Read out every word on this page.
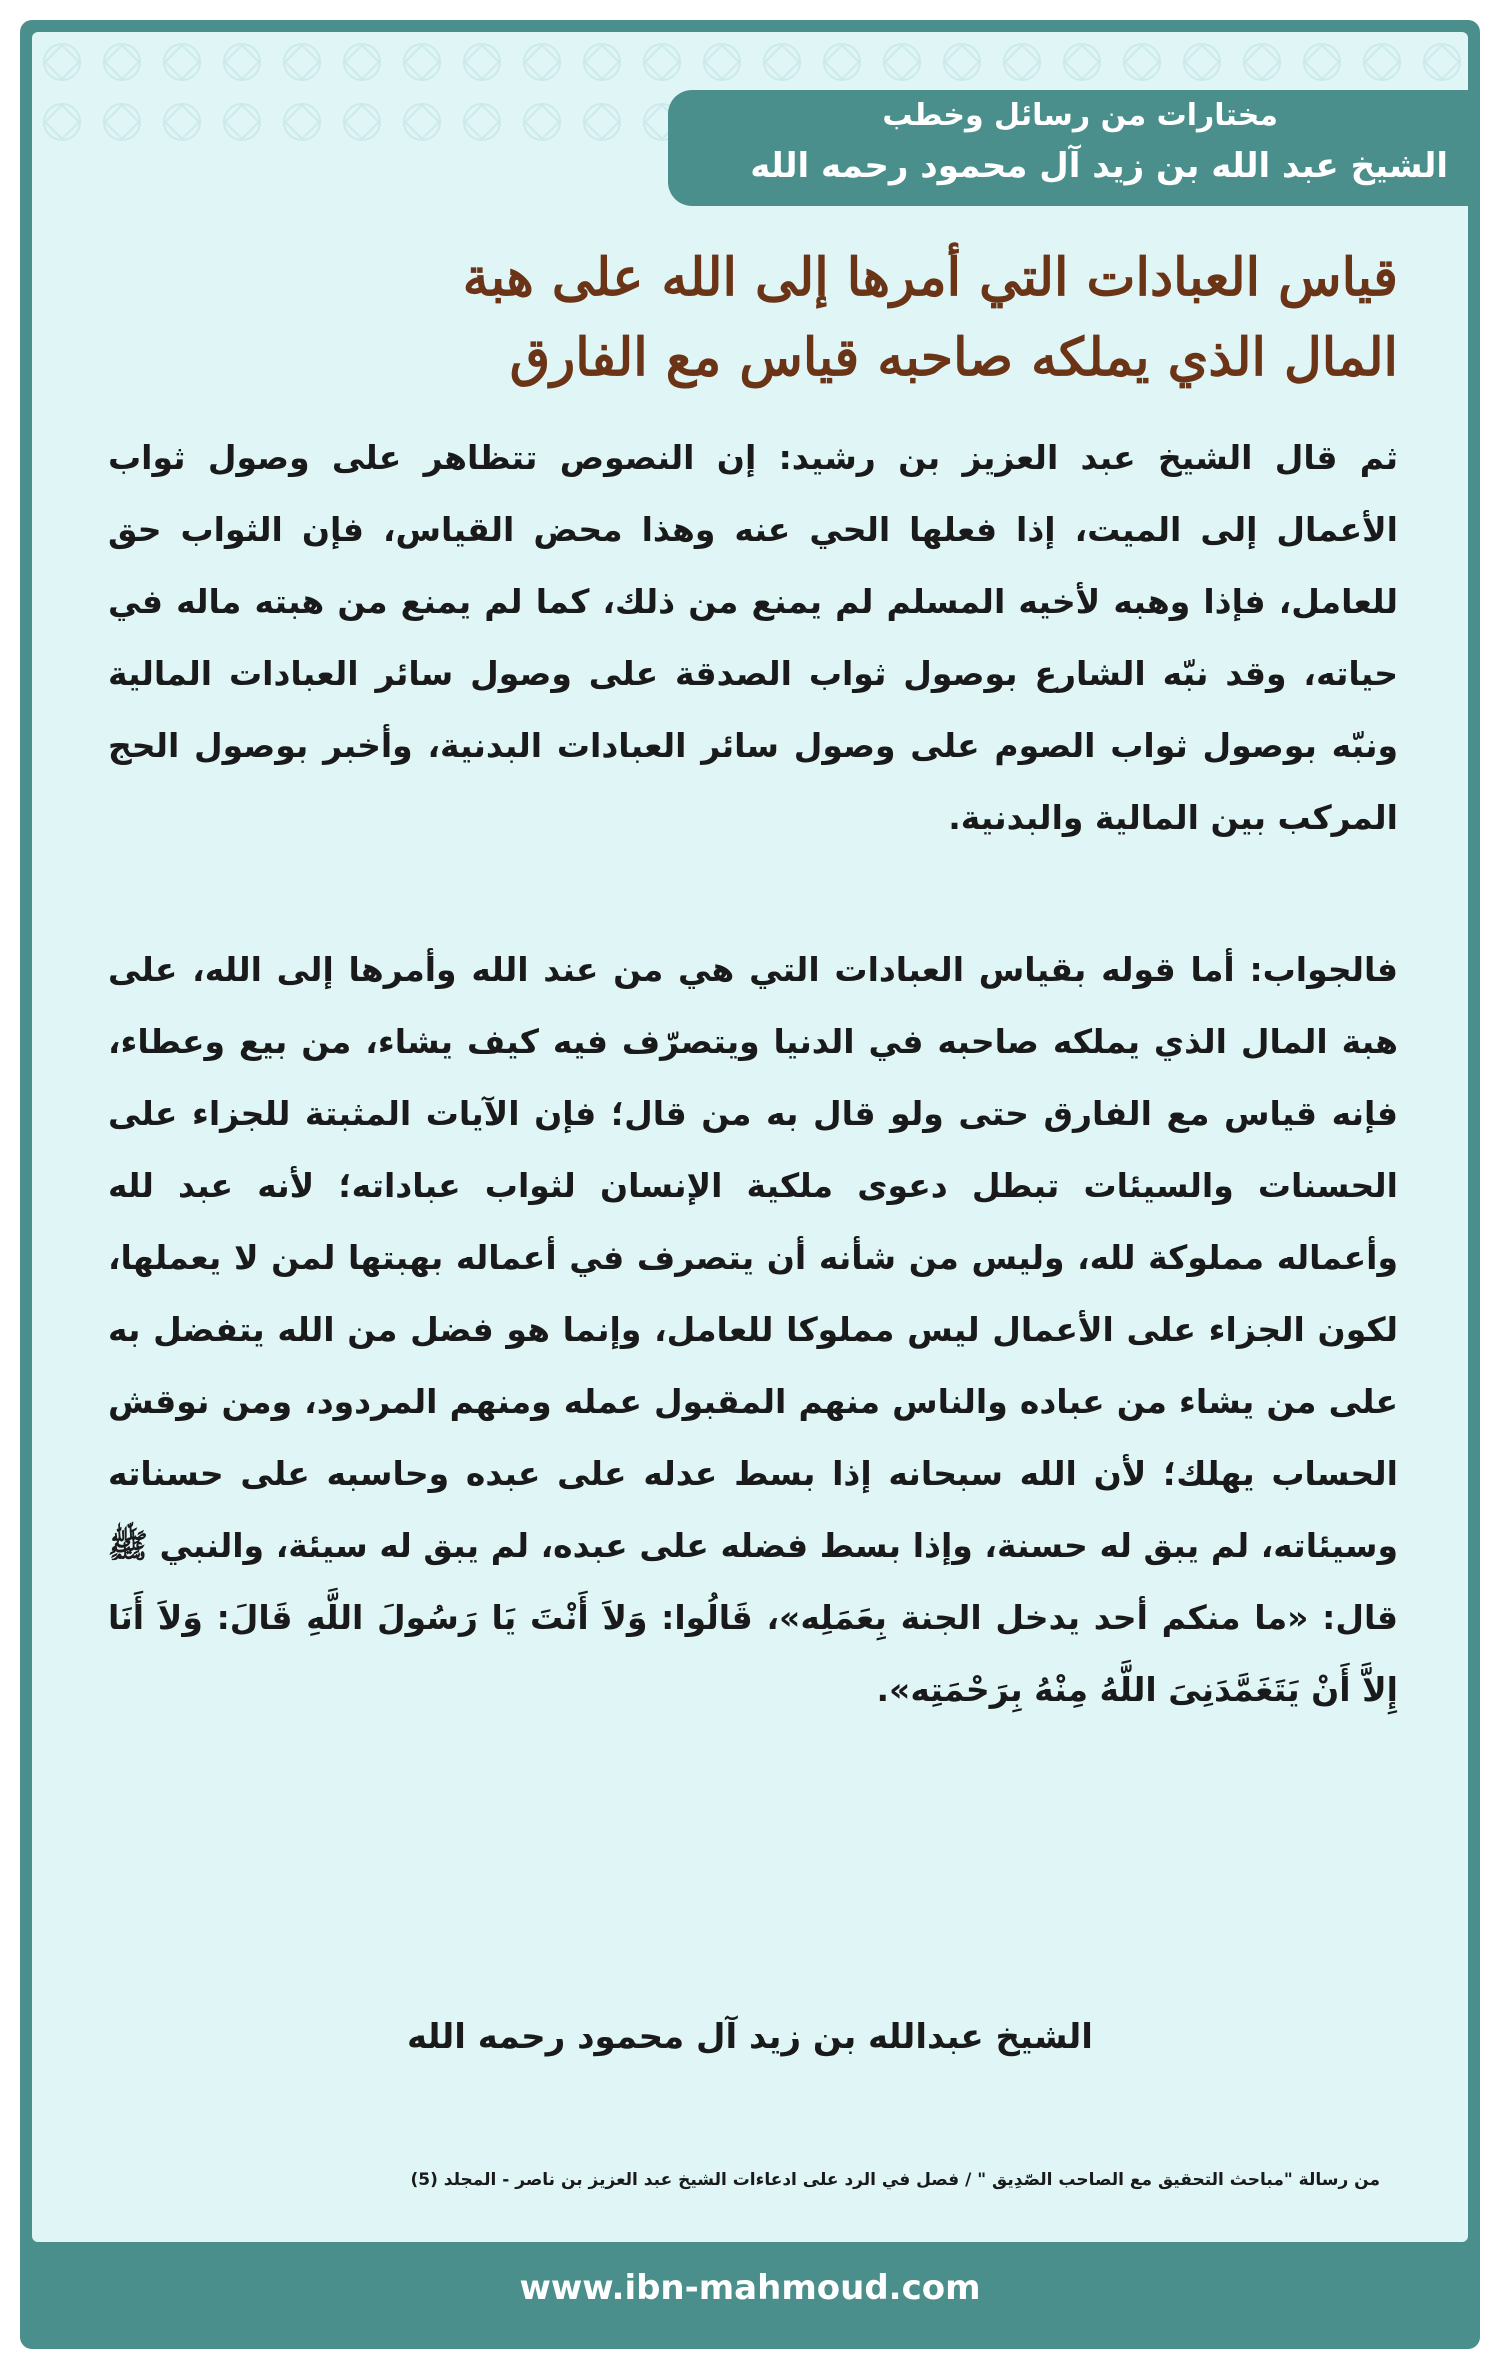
مختارات من رسائل وخطب
الشيخ عبد الله بن زيد آل محمود رحمه الله
قياس العبادات التي أمرها إلى الله على هبة
المال الذي يملكه صاحبه قياس مع الفارق

ثم قال الشيخ عبد العزيز بن رشيد: إن النصوص تتظاهر على وصول ثواب الأعمال إلى الميت، إذا فعلها الحي عنه وهذا محض القياس، فإن الثواب حق للعامل، فإذا وهبه لأخيه المسلم لم يمنع من ذلك، كما لم يمنع من هبته ماله في حياته، وقد نبّه الشارع بوصول ثواب الصدقة على وصول سائر العبادات المالية ونبّه بوصول ثواب الصوم على وصول سائر العبادات البدنية، وأخبر بوصول الحج المركب بين المالية والبدنية.

فالجواب: أما قوله بقياس العبادات التي هي من عند الله وأمرها إلى الله، على هبة المال الذي يملكه صاحبه في الدنيا ويتصرّف فيه كيف يشاء، من بيع وعطاء، فإنه قياس مع الفارق حتى ولو قال به من قال؛ فإن الآيات المثبتة للجزاء على الحسنات والسيئات تبطل دعوى ملكية الإنسان لثواب عباداته؛ لأنه عبد لله وأعماله مملوكة لله، وليس من شأنه أن يتصرف في أعماله بهبتها لمن لا يعملها، لكون الجزاء على الأعمال ليس مملوكا للعامل، وإنما هو فضل من الله يتفضل به على من يشاء من عباده والناس منهم المقبول عمله ومنهم المردود، ومن نوقش الحساب يهلك؛ لأن الله سبحانه إذا بسط عدله على عبده وحاسبه على حسناته وسيئاته، لم يبق له حسنة، وإذا بسط فضله على عبده، لم يبق له سيئة، والنبي ﷺ قال: «ما منكم أحد يدخل الجنة بِعَمَلِه»، قَالُوا: وَلاَ أَنْتَ يَا رَسُولَ اللَّهِ قَالَ: وَلاَ أَنَا إِلاَّ أَنْ يَتَغَمَّدَنِىَ اللَّهُ مِنْهُ بِرَحْمَتِه».

الشيخ عبدالله بن زيد آل محمود رحمه الله
من رسالة "مباحث التحقيق مع الصاحب الصّدِيق " / فصل في الرد على ادعاءات الشيخ عبد العزيز بن ناصر - المجلد (5)
www.ibn-mahmoud.com
